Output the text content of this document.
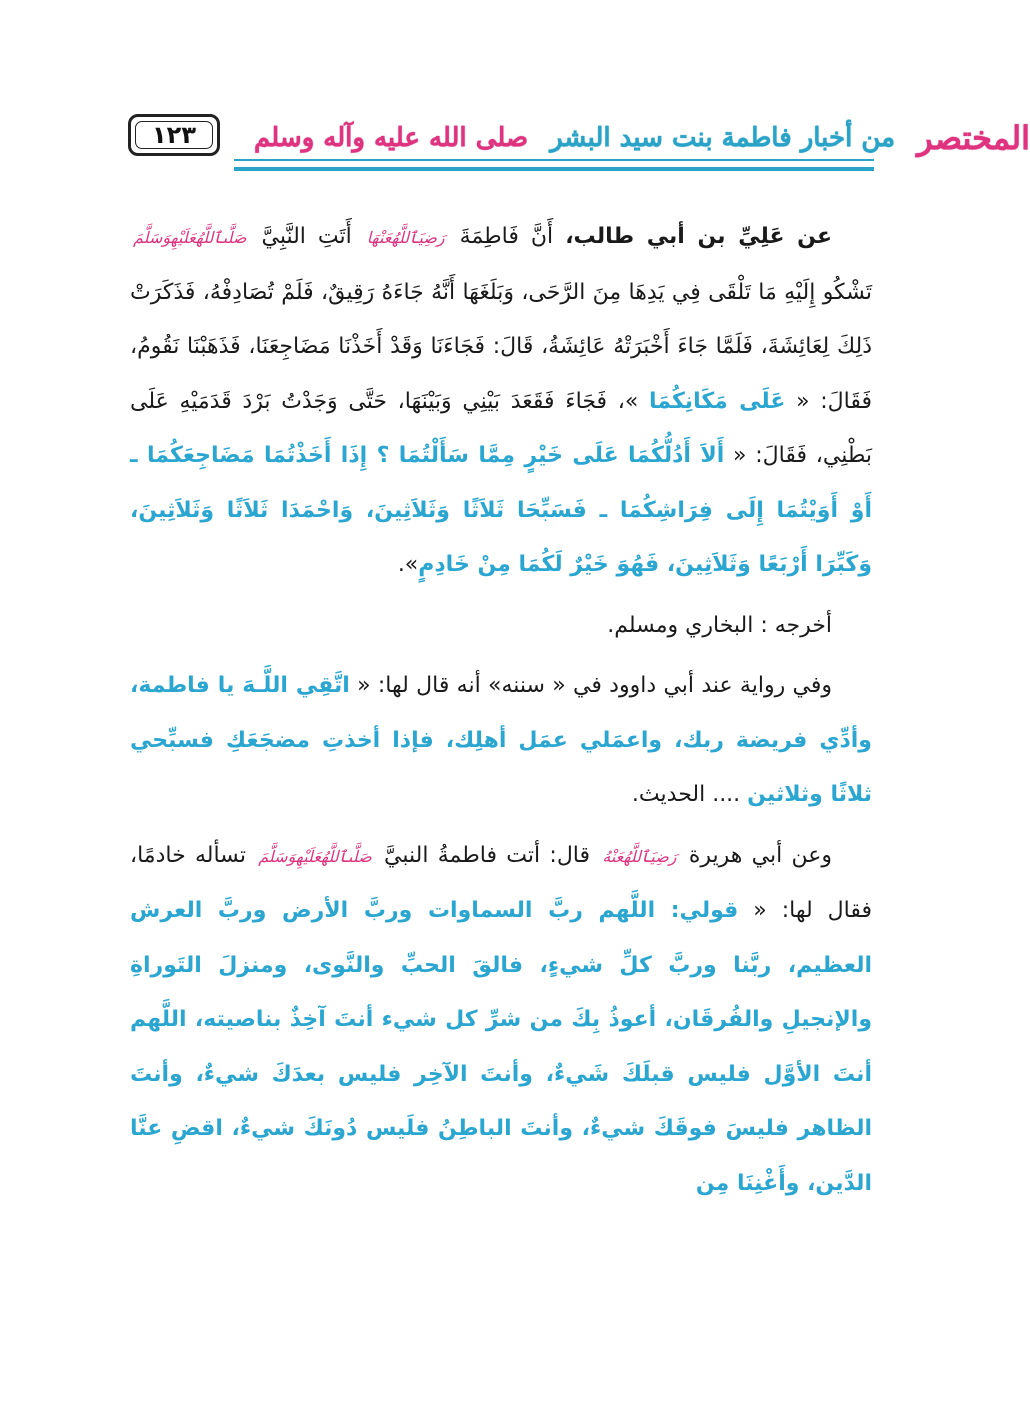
المختصر
من أخبار فاطمة بنت سيد البشر
صلى الله عليه وآله وسلم
١٢٣

عن عَلِيِّ بن أبي طالب، أَنَّ فَاطِمَةَ رَضِيَٱللَّهُعَنْهَا أَتَتِ النَّبِيَّ صَلَّىٱللَّهُعَلَيْهِوَسَلَّمَ تَشْكُو إِلَيْهِ مَا تَلْقَى فِي يَدِهَا مِنَ الرَّحَى، وَبَلَغَهَا أَنَّهُ جَاءَهُ رَقِيقٌ، فَلَمْ تُصَادِفْهُ، فَذَكَرَتْ ذَلِكَ لِعَائِشَةَ، فَلَمَّا جَاءَ أَخْبَرَتْهُ عَائِشَةُ، قَالَ: فَجَاءَنَا وَقَدْ أَخَذْنَا مَضَاجِعَنَا، فَذَهَبْنَا نَقُومُ، فَقَالَ: « عَلَى مَكَانِكُمَا »، فَجَاءَ فَقَعَدَ بَيْنِي وَبَيْنَهَا، حَتَّى وَجَدْتُ بَرْدَ قَدَمَيْهِ عَلَى بَطْنِي، فَقَالَ: « أَلاَ أَدُلُّكُمَا عَلَى خَيْرٍ مِمَّا سَأَلْتُمَا ؟ إِذَا أَخَذْتُمَا مَضَاجِعَكُمَا ـ أَوْ أَوَيْتُمَا إِلَى فِرَاشِكُمَا ـ فَسَبِّحَا ثَلاَثًا وَثَلاَثِينَ، وَاحْمَدَا ثَلاَثًا وَثَلاَثِينَ، وَكَبِّرَا أَرْبَعًا وَثَلاَثِينَ، فَهُوَ خَيْرٌ لَكُمَا مِنْ خَادِمٍ».

أخرجه : البخاري ومسلم.

وفي رواية عند أبي داوود في « سننه» أنه قال لها: « اتَّقِي اللَّـهَ يا فاطمة، وأدِّي فريضة ربك، واعمَلي عمَل أهلِك، فإذا أخذتِ مضجَعَكِ فسبِّحي ثلاثًا وثلاثين .... الحديث.

وعن أبي هريرة رَضِيَٱللَّهُعَنْهُ قال: أتت فاطمةُ النبيَّ صَلَّىٱللَّهُعَلَيْهِوَسَلَّمَ تسأله خادمًا، فقال لها: « قولي: اللَّهم ربَّ السماوات وربَّ الأرض وربَّ العرش العظيم، ربَّنا وربَّ كلِّ شيءٍ، فالقَ الحبِّ والنَّوى، ومنزلَ التَوراةِ والإنجيلِ والفُرقَان، أعوذُ بِكَ من شرِّ كل شيء أنتَ آخِذٌ بناصيته، اللَّهم أنتَ الأوَّل فليس قبلَكَ شَيءٌ، وأنتَ الآخِر فليس بعدَكَ شيءٌ، وأنتَ الظاهر فليسَ فوقَكَ شيءٌ، وأنتَ الباطِنُ فلَيس دُونَكَ شيءٌ، اقضِ عنَّا الدَّين، وأَغْنِنَا مِن
